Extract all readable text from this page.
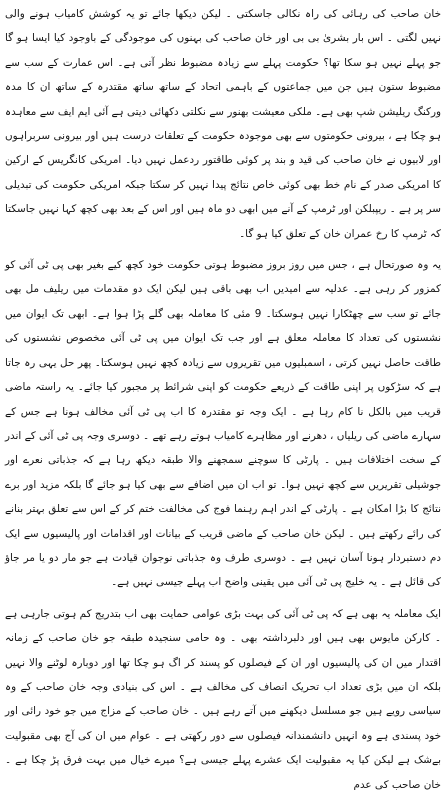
خان صاحب کی رہائی کی راہ نکالی جاسکتی ۔ لیکن دیکھا جائے تو یہ کوشش کامیاب ہونے والی نہیں لگتی ۔ اس بار بشریٰ بی بی اور خان صاحب کی بہنوں کی موجودگی کے باوجود کیا ایسا ہو گا جو پہلے نہیں ہو سکا تھا؟ حکومت پہلے سے زیادہ مضبوط نظر آتی ہے۔ اس عمارت کے سب سے مضبوط ستون ہیں جن میں جماعتوں کے باہمی اتحاد کے ساتھ ساتھ مقتدرہ کے ساتھ ان کا مدہ ورکنگ ریلیشن شپ بھی ہے۔ ملکی معیشت بھنور سے نکلتی دکھائی دیتی ہے آئی ایم ایف سے معاہدہ ہو چکا ہے ، بیرونی حکومتوں سے بھی موجودہ حکومت کے تعلقات درست ہیں اور بیرونی سربراہوں اور لابیوں نے خان صاحب کی قید و بند پر کوئی طاقتور ردعمل نہیں دیا۔ امریکی کانگریس کے ارکین کا امریکی صدر کے نام خط بھی کوئی خاص نتائج پیدا نہیں کر سکتا جبکہ امریکی حکومت کی تبدیلی سر پر ہے ۔ ریپبلکن اور ٹرمپ کے آنے میں ابھی دو ماہ ہیں اور اس کے بعد بھی کچھ کہا نہیں جاسکتا کہ ٹرمپ کا رخ عمران خان کے تعلق کیا ہو گا۔

یہ وہ صورتحال ہے ، جس میں روز بروز مضبوط ہوتی حکومت خود کچھ کیے بغیر بھی پی ٹی آئی کو کمزور کر رہی ہے۔ عدلیہ سے امیدیں اب بھی باقی ہیں لیکن ایک دو مقدمات میں ریلیف مل بھی جائے تو سب سے چھٹکارا نہیں ہوسکتا۔ 9 مئی کا معاملہ بھی گلے پڑا ہوا ہے۔ ابھی تک ایوان میں نشستوں کی تعداد کا معاملہ معلق ہے اور جب تک ایوان میں پی ٹی آئی مخصوص نشستوں کی طاقت حاصل نہیں کرتی ، اسمبلیوں میں تقریروں سے زیادہ کچھ نہیں ہوسکتا۔ پھر حل یہی رہ جاتا ہے کہ سڑکوں پر اپنی طاقت کے ذریعے حکومت کو اپنی شرائط پر مجبور کیا جائے۔ یہ راستہ ماضی قریب میں بالکل نا کام رہا ہے ۔ ایک وجہ تو مقتدرہ کا اب پی ٹی آئی مخالف ہونا ہے جس کے سہارے ماضی کی ریلیاں ، دھرنے اور مظاہرے کامیاب ہوتے رہے تھے ۔ دوسری وجہ پی ٹی آئی کے اندر کے سخت اختلافات ہیں ۔ پارٹی کا سوچنے سمجھنے والا طبقہ دیکھ رہا ہے کہ جذباتی نعرے اور جوشیلی تقریریں سے کچھ نہیں ہوا۔ تو اب ان میں اضافے سے بھی کیا ہو جائے گا بلکہ مزید اور برے نتائج کا بڑا امکان ہے ۔ پارٹی کے اندر اہم رہنما فوج کی مخالفت ختم کر کے اس سے تعلق بہتر بنانے کی رائے رکھتے ہیں ۔ لیکن خان صاحب کے ماضی قریب کے بیانات اور اقدامات اور پالیسیوں سے ایک دم دستبردار ہونا آسان نہیں ہے ۔ دوسری طرف وہ جذباتی نوجوان قیادت ہے جو مار دو یا مر جاؤ کی قائل ہے ۔ یہ خلیج پی ٹی آئی میں یقینی واضح اب پہلے جیسی نہیں ہے۔

ایک معاملہ یہ بھی ہے کہ پی ٹی آئی کی بہت بڑی عوامی حمایت بھی اب بتدریج کم ہوتی جارہی ہے ۔ کارکن مایوس بھی ہیں اور دلبرداشتہ بھی ۔ وہ حامی سنجیدہ طبقہ جو خان صاحب کے زمانہ اقتدار میں ان کی پالیسیوں اور ان کے فیصلوں کو پسند کر اگ ہو چکا تھا اور دوبارہ لوٹنے والا نہیں بلکہ ان میں بڑی تعداد اب تحریک انصاف کی مخالف ہے ۔ اس کی بنیادی وجہ خان صاحب کے وہ سیاسی رویے ہیں جو مسلسل دیکھنے میں آتے رہے ہیں ۔ خان صاحب کے مزاج میں جو خود رائی اور خود پسندی ہے وہ انہیں دانشمندانہ فیصلوں سے دور رکھتی ہے ۔ عوام میں ان کی آج بھی مقبولیت بےشک ہے لیکن کیا یہ مقبولیت ایک عشرے پہلے جیسی ہے؟ میرے خیال میں بہت فرق پڑ چکا ہے ۔ خان صاحب کی عدم
